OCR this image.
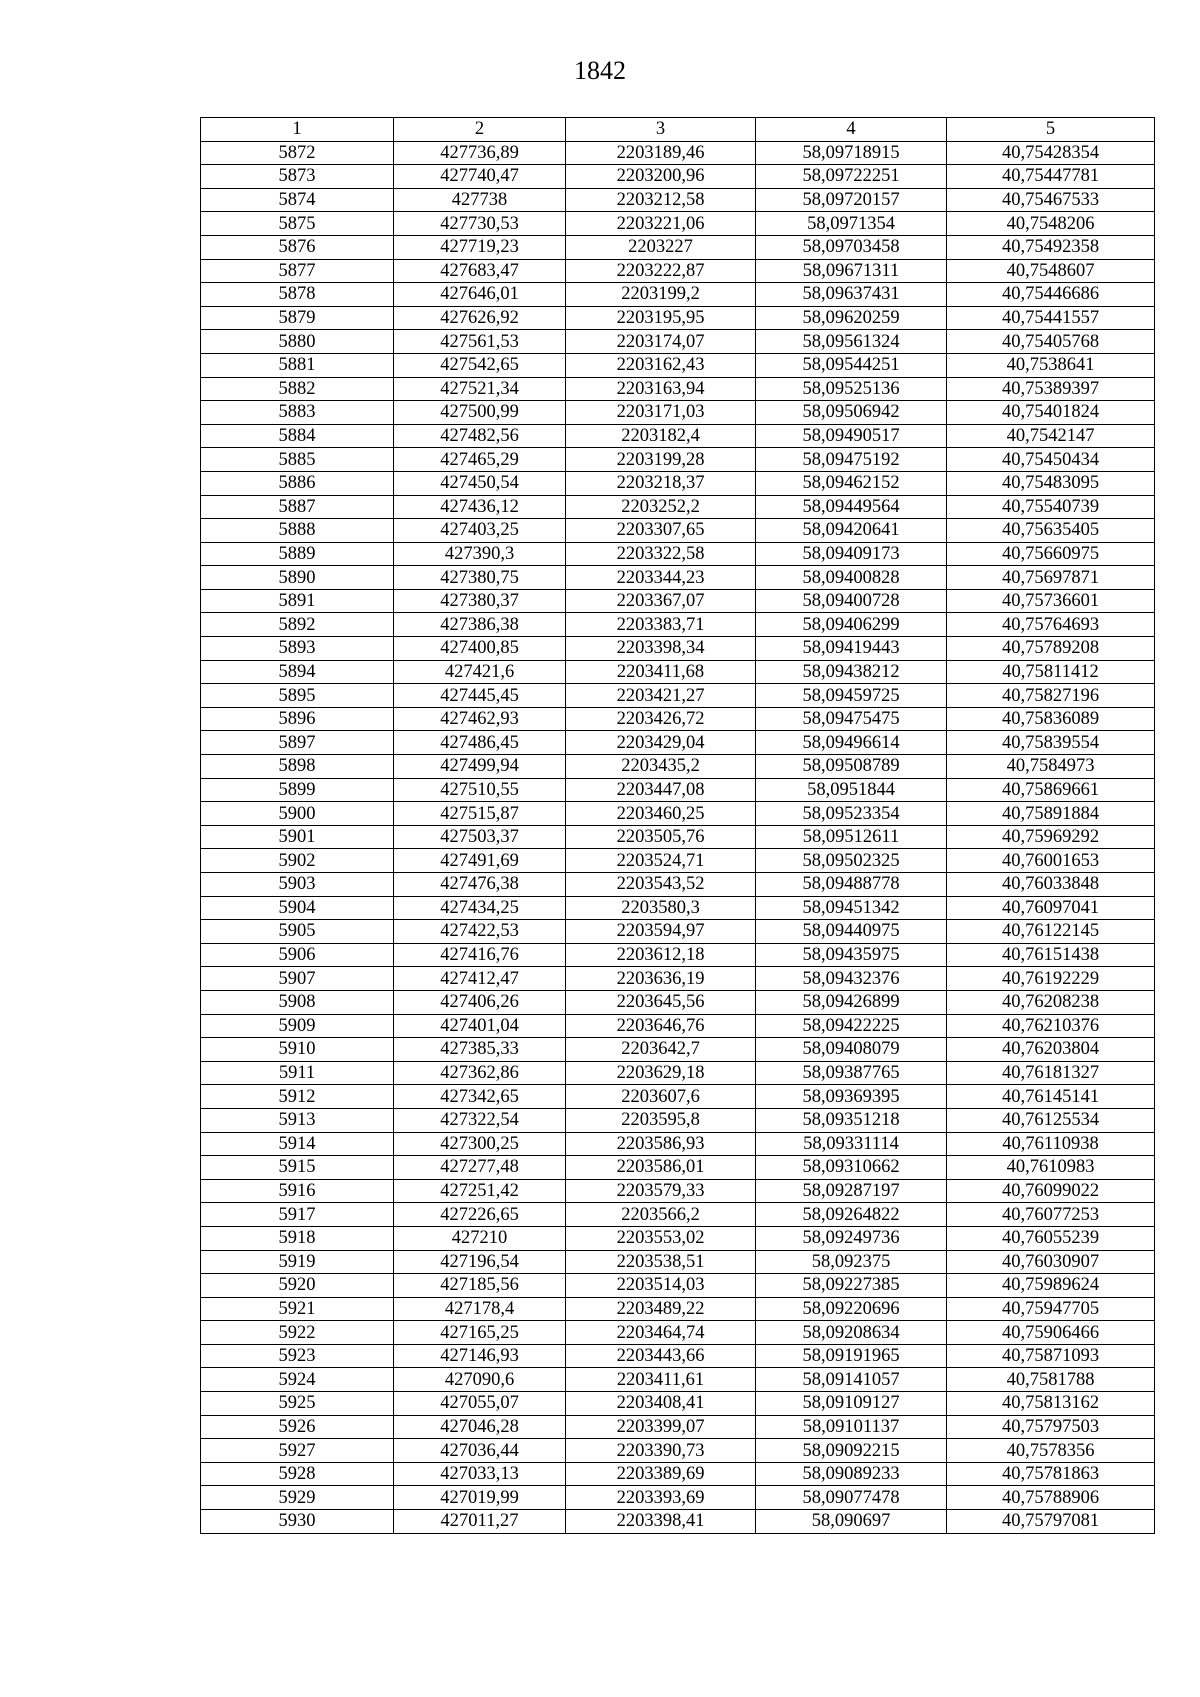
1842
1	2	3	4	5
5872	427736,89	2203189,46	58,09718915	40,75428354
5873	427740,47	2203200,96	58,09722251	40,75447781
5874	427738	2203212,58	58,09720157	40,75467533
5875	427730,53	2203221,06	58,0971354	40,7548206
5876	427719,23	2203227	58,09703458	40,75492358
5877	427683,47	2203222,87	58,09671311	40,7548607
5878	427646,01	2203199,2	58,09637431	40,75446686
5879	427626,92	2203195,95	58,09620259	40,75441557
5880	427561,53	2203174,07	58,09561324	40,75405768
5881	427542,65	2203162,43	58,09544251	40,7538641
5882	427521,34	2203163,94	58,09525136	40,75389397
5883	427500,99	2203171,03	58,09506942	40,75401824
5884	427482,56	2203182,4	58,09490517	40,7542147
5885	427465,29	2203199,28	58,09475192	40,75450434
5886	427450,54	2203218,37	58,09462152	40,75483095
5887	427436,12	2203252,2	58,09449564	40,75540739
5888	427403,25	2203307,65	58,09420641	40,75635405
5889	427390,3	2203322,58	58,09409173	40,75660975
5890	427380,75	2203344,23	58,09400828	40,75697871
5891	427380,37	2203367,07	58,09400728	40,75736601
5892	427386,38	2203383,71	58,09406299	40,75764693
5893	427400,85	2203398,34	58,09419443	40,75789208
5894	427421,6	2203411,68	58,09438212	40,75811412
5895	427445,45	2203421,27	58,09459725	40,75827196
5896	427462,93	2203426,72	58,09475475	40,75836089
5897	427486,45	2203429,04	58,09496614	40,75839554
5898	427499,94	2203435,2	58,09508789	40,7584973
5899	427510,55	2203447,08	58,0951844	40,75869661
5900	427515,87	2203460,25	58,09523354	40,75891884
5901	427503,37	2203505,76	58,09512611	40,75969292
5902	427491,69	2203524,71	58,09502325	40,76001653
5903	427476,38	2203543,52	58,09488778	40,76033848
5904	427434,25	2203580,3	58,09451342	40,76097041
5905	427422,53	2203594,97	58,09440975	40,76122145
5906	427416,76	2203612,18	58,09435975	40,76151438
5907	427412,47	2203636,19	58,09432376	40,76192229
5908	427406,26	2203645,56	58,09426899	40,76208238
5909	427401,04	2203646,76	58,09422225	40,76210376
5910	427385,33	2203642,7	58,09408079	40,76203804
5911	427362,86	2203629,18	58,09387765	40,76181327
5912	427342,65	2203607,6	58,09369395	40,76145141
5913	427322,54	2203595,8	58,09351218	40,76125534
5914	427300,25	2203586,93	58,09331114	40,76110938
5915	427277,48	2203586,01	58,09310662	40,7610983
5916	427251,42	2203579,33	58,09287197	40,76099022
5917	427226,65	2203566,2	58,09264822	40,76077253
5918	427210	2203553,02	58,09249736	40,76055239
5919	427196,54	2203538,51	58,092375	40,76030907
5920	427185,56	2203514,03	58,09227385	40,75989624
5921	427178,4	2203489,22	58,09220696	40,75947705
5922	427165,25	2203464,74	58,09208634	40,75906466
5923	427146,93	2203443,66	58,09191965	40,75871093
5924	427090,6	2203411,61	58,09141057	40,7581788
5925	427055,07	2203408,41	58,09109127	40,75813162
5926	427046,28	2203399,07	58,09101137	40,75797503
5927	427036,44	2203390,73	58,09092215	40,7578356
5928	427033,13	2203389,69	58,09089233	40,75781863
5929	427019,99	2203393,69	58,09077478	40,75788906
5930	427011,27	2203398,41	58,090697	40,75797081
